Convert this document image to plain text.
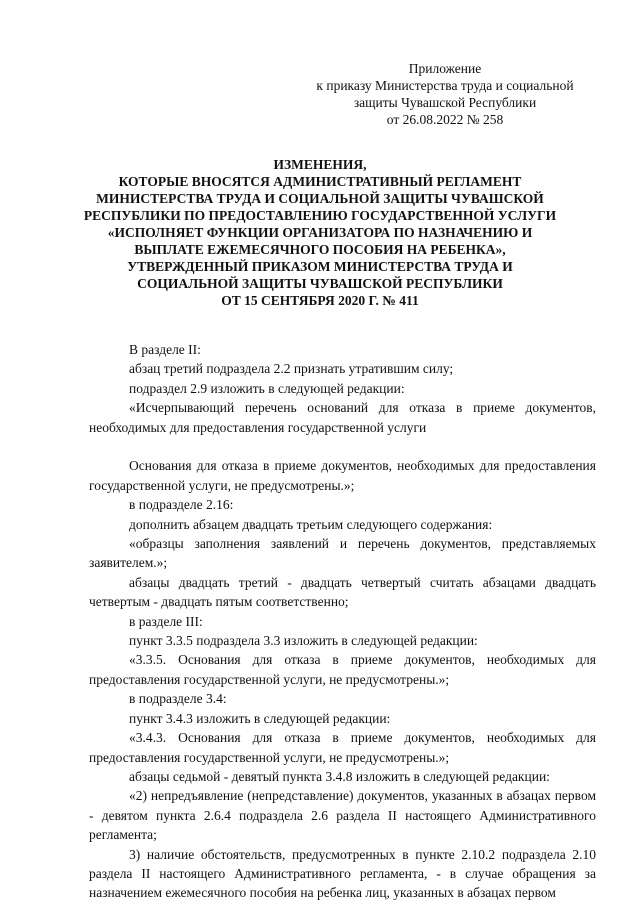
Приложение
к приказу Министерства труда и социальной
защиты Чувашской Республики
от 26.08.2022 № 258
ИЗМЕНЕНИЯ,
КОТОРЫЕ ВНОСЯТСЯ АДМИНИСТРАТИВНЫЙ РЕГЛАМЕНТ
МИНИСТЕРСТВА ТРУДА И СОЦИАЛЬНОЙ ЗАЩИТЫ ЧУВАШСКОЙ
РЕСПУБЛИКИ ПО ПРЕДОСТАВЛЕНИЮ ГОСУДАРСТВЕННОЙ УСЛУГИ
«ИСПОЛНЯЕТ ФУНКЦИИ ОРГАНИЗАТОРА ПО НАЗНАЧЕНИЮ И
ВЫПЛАТЕ ЕЖЕМЕСЯЧНОГО ПОСОБИЯ НА РЕБЕНКА»,
УТВЕРЖДЕННЫЙ ПРИКАЗОМ МИНИСТЕРСТВА ТРУДА И
СОЦИАЛЬНОЙ ЗАЩИТЫ ЧУВАШСКОЙ РЕСПУБЛИКИ
ОТ 15 СЕНТЯБРЯ 2020 Г. № 411
В разделе II:
абзац третий подраздела 2.2 признать утратившим силу;
подраздел 2.9 изложить в следующей редакции:
«Исчерпывающий перечень оснований для отказа в приеме документов, необходимых для предоставления государственной услуги
Основания для отказа в приеме документов, необходимых для предоставления государственной услуги, не предусмотрены.»;
в подразделе 2.16:
дополнить абзацем двадцать третьим следующего содержания:
«образцы заполнения заявлений и перечень документов, представляемых заявителем.»;
абзацы двадцать третий - двадцать четвертый считать абзацами двадцать четвертым - двадцать пятым соответственно;
в разделе III:
пункт 3.3.5 подраздела 3.3 изложить в следующей редакции:
«3.3.5. Основания для отказа в приеме документов, необходимых для предоставления государственной услуги, не предусмотрены.»;
в подразделе 3.4:
пункт 3.4.3 изложить в следующей редакции:
«3.4.3. Основания для отказа в приеме документов, необходимых для предоставления государственной услуги, не предусмотрены.»;
абзацы седьмой - девятый пункта 3.4.8 изложить в следующей редакции:
«2) непредъявление (непредставление) документов, указанных в абзацах первом - девятом пункта 2.6.4 подраздела 2.6 раздела II настоящего Административного регламента;
3) наличие обстоятельств, предусмотренных в пункте 2.10.2 подраздела 2.10 раздела II настоящего Административного регламента, - в случае обращения за назначением ежемесячного пособия на ребенка лиц, указанных в абзацах первом
